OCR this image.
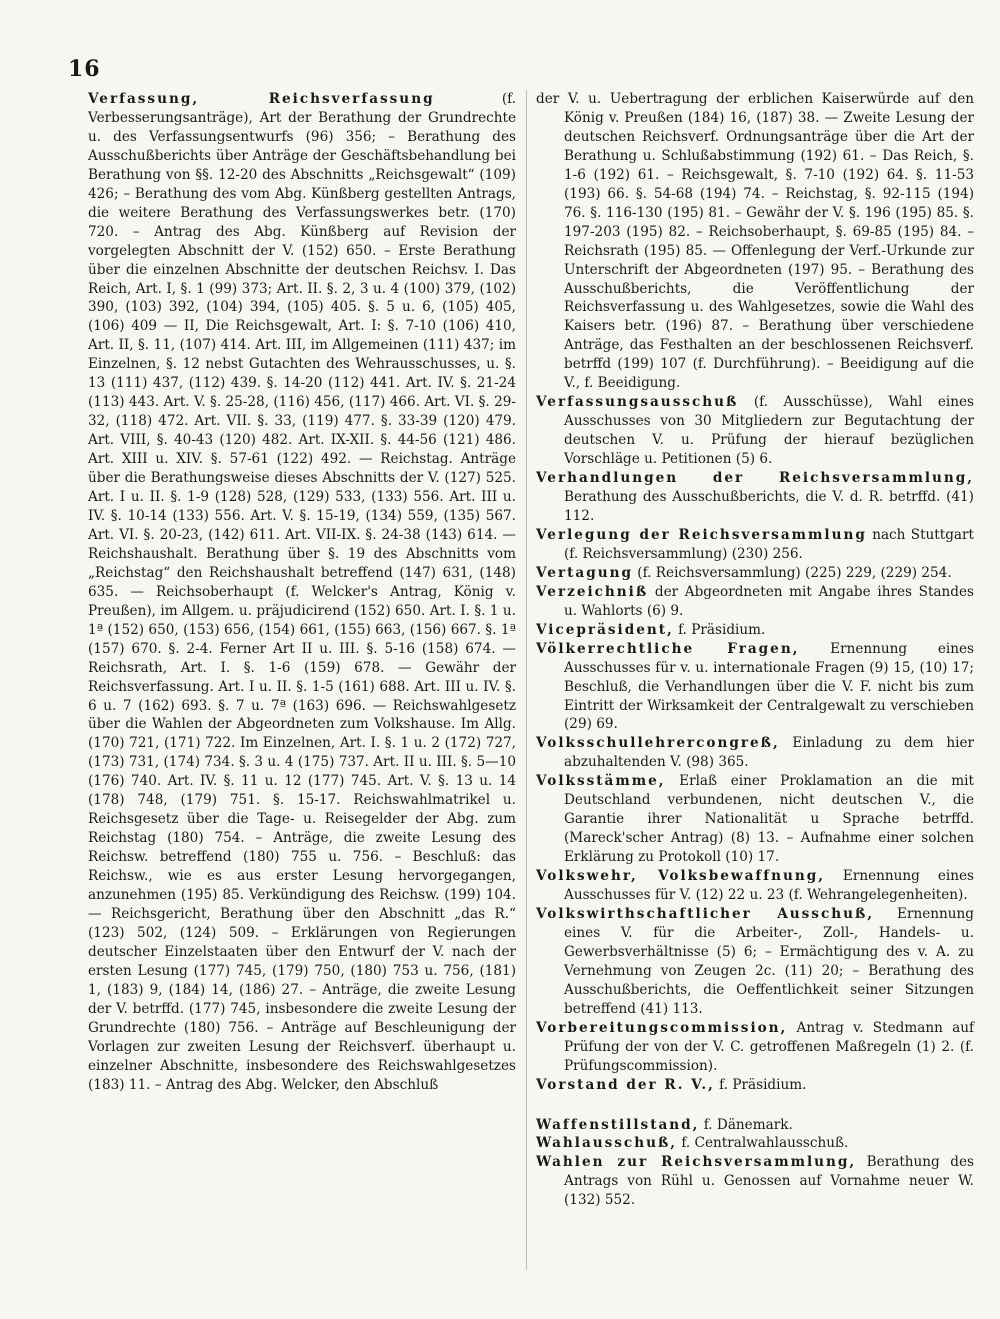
16

Verfassung, Reichsverfassung (f. Verbesserungsanträge), Art der Berathung der Grundrechte u. des Verfassungsentwurfs (96) 356; – Berathung des Ausschußberichts über Anträge der Geschäftsbehandlung bei Berathung von §§. 12-20 des Abschnitts „Reichsgewalt“ (109) 426; – Berathung des vom Abg. Künßberg gestellten Antrags, die weitere Berathung des Verfassungswerkes betr. (170) 720. – Antrag des Abg. Künßberg auf Revision der vorgelegten Abschnitt der V. (152) 650. – Erste Berathung über die einzelnen Abschnitte der deutschen Reichsv. I. Das Reich, Art. I, §. 1 (99) 373; Art. II. §. 2, 3 u. 4 (100) 379, (102) 390, (103) 392, (104) 394, (105) 405. §. 5 u. 6, (105) 405, (106) 409 — II, Die Reichsgewalt, Art. I: §. 7-10 (106) 410, Art. II, §. 11, (107) 414. Art. III, im Allgemeinen (111) 437; im Einzelnen, §. 12 nebst Gutachten des Wehrausschusses, u. §. 13 (111) 437, (112) 439. §. 14-20 (112) 441. Art. IV. §. 21-24 (113) 443. Art. V. §. 25-28, (116) 456, (117) 466. Art. VI. §. 29-32, (118) 472. Art. VII. §. 33, (119) 477. §. 33-39 (120) 479. Art. VIII, §. 40-43 (120) 482. Art. IX-XII. §. 44-56 (121) 486. Art. XIII u. XIV. §. 57-61 (122) 492. — Reichstag. Anträge über die Berathungsweise dieses Abschnitts der V. (127) 525. Art. I u. II. §. 1-9 (128) 528, (129) 533, (133) 556. Art. III u. IV. §. 10-14 (133) 556. Art. V. §. 15-19, (134) 559, (135) 567. Art. VI. §. 20-23, (142) 611. Art. VII-IX. §. 24-38 (143) 614. — Reichshaushalt. Berathung über §. 19 des Abschnitts vom „Reichstag“ den Reichshaushalt betreffend (147) 631, (148) 635. — Reichsoberhaupt (f. Welcker's Antrag, König v. Preußen), im Allgem. u. präjudicirend (152) 650. Art. I. §. 1 u. 1ª (152) 650, (153) 656, (154) 661, (155) 663, (156) 667. §. 1ª (157) 670. §. 2-4. Ferner Art II u. III. §. 5-16 (158) 674. — Reichsrath, Art. I. §. 1-6 (159) 678. — Gewähr der Reichsverfassung. Art. I u. II. §. 1-5 (161) 688. Art. III u. IV. §. 6 u. 7 (162) 693. §. 7 u. 7ª (163) 696. — Reichswahlgesetz über die Wahlen der Abgeordneten zum Volkshause. Im Allg. (170) 721, (171) 722. Im Einzelnen, Art. I. §. 1 u. 2 (172) 727, (173) 731, (174) 734. §. 3 u. 4 (175) 737. Art. II u. III. §. 5—10 (176) 740. Art. IV. §. 11 u. 12 (177) 745. Art. V. §. 13 u. 14 (178) 748, (179) 751. §. 15-17. Reichswahlmatrikel u. Reichsgesetz über die Tage- u. Reisegelder der Abg. zum Reichstag (180) 754. – Anträge, die zweite Lesung des Reichsw. betreffend (180) 755 u. 756. – Beschluß: das Reichsw., wie es aus erster Lesung hervorgegangen, anzunehmen (195) 85. Verkündigung des Reichsw. (199) 104. — Reichsgericht, Berathung über den Abschnitt „das R.“ (123) 502, (124) 509. – Erklärungen von Regierungen deutscher Einzelstaaten über den Entwurf der V. nach der ersten Lesung (177) 745, (179) 750, (180) 753 u. 756, (181) 1, (183) 9, (184) 14, (186) 27. – Anträge, die zweite Lesung der V. betrffd. (177) 745, insbesondere die zweite Lesung der Grundrechte (180) 756. – Anträge auf Beschleunigung der Vorlagen zur zweiten Lesung der Reichsverf. überhaupt u. einzelner Abschnitte, insbesondere des Reichswahlgesetzes (183) 11. – Antrag des Abg. Welcker, den Abschluß

der V. u. Uebertragung der erblichen Kaiserwürde auf den König v. Preußen (184) 16, (187) 38. — Zweite Lesung der deutschen Reichsverf. Ordnungsanträge über die Art der Berathung u. Schlußabstimmung (192) 61. – Das Reich, §. 1-6 (192) 61. – Reichsgewalt, §. 7-10 (192) 64. §. 11-53 (193) 66. §. 54-68 (194) 74. – Reichstag, §. 92-115 (194) 76. §. 116-130 (195) 81. – Gewähr der V. §. 196 (195) 85. §. 197-203 (195) 82. – Reichsoberhaupt, §. 69-85 (195) 84. – Reichsrath (195) 85. — Offenlegung der Verf.-Urkunde zur Unterschrift der Abgeordneten (197) 95. – Berathung des Ausschußberichts, die Veröffentlichung der Reichsverfassung u. des Wahlgesetzes, sowie die Wahl des Kaisers betr. (196) 87. – Berathung über verschiedene Anträge, das Festhalten an der beschlossenen Reichsverf. betrffd (199) 107 (f. Durchführung). – Beeidigung auf die V., f. Beeidigung.

Verfassungsausschuß (f. Ausschüsse), Wahl eines Ausschusses von 30 Mitgliedern zur Begutachtung der deutschen V. u. Prüfung der hierauf bezüglichen Vorschläge u. Petitionen (5) 6.

Verhandlungen der Reichsversammlung, Berathung des Ausschußberichts, die V. d. R. betrffd. (41) 112.

Verlegung der Reichsversammlung nach Stuttgart (f. Reichsversammlung) (230) 256.

Vertagung (f. Reichsversammlung) (225) 229, (229) 254.

Verzeichniß der Abgeordneten mit Angabe ihres Standes u. Wahlorts (6) 9.

Vicepräsident, f. Präsidium.

Völkerrechtliche Fragen, Ernennung eines Ausschusses für v. u. internationale Fragen (9) 15, (10) 17; Beschluß, die Verhandlungen über die V. F. nicht bis zum Eintritt der Wirksamkeit der Centralgewalt zu verschieben (29) 69.

Volksschullehrercongreß, Einladung zu dem hier abzuhaltenden V. (98) 365.

Volksstämme, Erlaß einer Proklamation an die mit Deutschland verbundenen, nicht deutschen V., die Garantie ihrer Nationalität u Sprache betrffd. (Mareck'scher Antrag) (8) 13. – Aufnahme einer solchen Erklärung zu Protokoll (10) 17.

Volkswehr, Volksbewaffnung, Ernennung eines Ausschusses für V. (12) 22 u. 23 (f. Wehrangelegenheiten).

Volkswirthschaftlicher Ausschuß, Ernennung eines V. für die Arbeiter-, Zoll-, Handels- u. Gewerbsverhältnisse (5) 6; – Ermächtigung des v. A. zu Vernehmung von Zeugen 2c. (11) 20; – Berathung des Ausschußberichts, die Oeffentlichkeit seiner Sitzungen betreffend (41) 113.

Vorbereitungscommission, Antrag v. Stedmann auf Prüfung der von der V. C. getroffenen Maßregeln (1) 2. (f. Prüfungscommission).

Vorstand der R. V., f. Präsidium.

Waffenstillstand, f. Dänemark.

Wahlausschuß, f. Centralwahlausschuß.

Wahlen zur Reichsversammlung, Berathung des Antrags von Rühl u. Genossen auf Vornahme neuer W. (132) 552.
